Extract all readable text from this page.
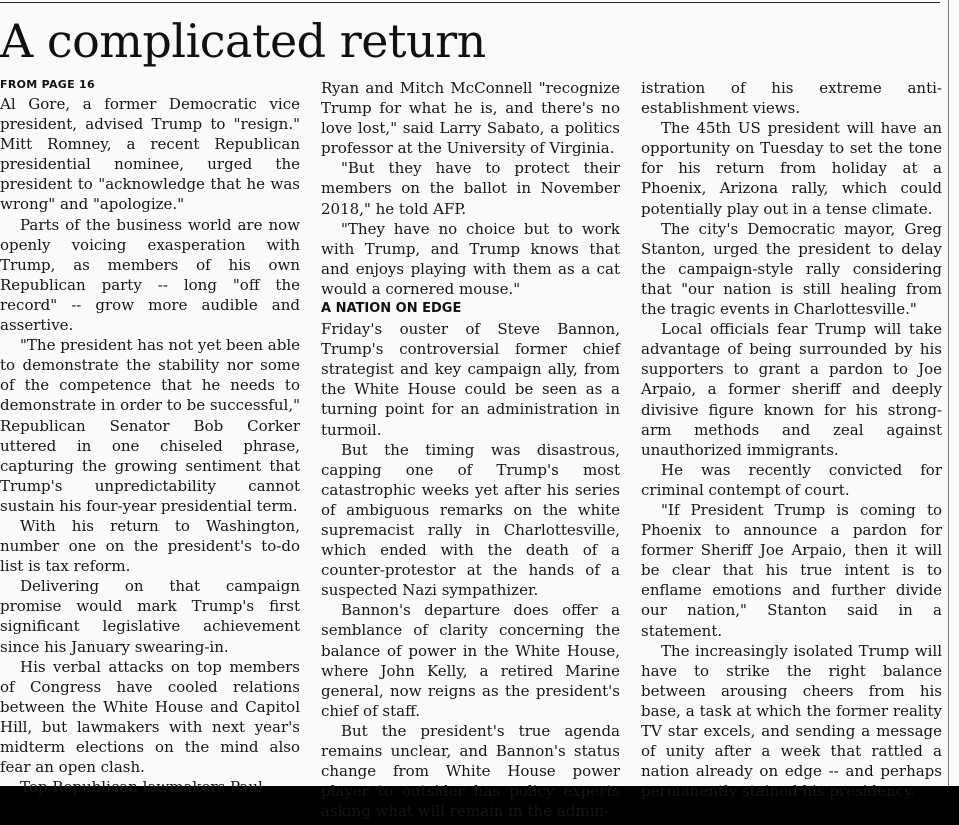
A complicated return
FROM PAGE 16

Al Gore, a former Democratic vice president, advised Trump to "resign." Mitt Romney, a recent Republican presidential nominee, urged the president to "acknowledge that he was wrong" and "apologize."

Parts of the business world are now openly voicing exasperation with Trump, as members of his own Republican party -- long "off the record" -- grow more audible and assertive.

"The president has not yet been able to demonstrate the stability nor some of the competence that he needs to demonstrate in order to be successful," Republican Senator Bob Corker uttered in one chiseled phrase, capturing the growing sentiment that Trump's unpredictability cannot sustain his four-year presidential term.

With his return to Washington, number one on the president's to-do list is tax reform.

Delivering on that campaign promise would mark Trump's first significant legislative achievement since his January swearing-in.

His verbal attacks on top members of Congress have cooled relations between the White House and Capitol Hill, but lawmakers with next year's midterm elections on the mind also fear an open clash.

Top Republican lawmakers Paul

Ryan and Mitch McConnell "recognize Trump for what he is, and there's no love lost," said Larry Sabato, a politics professor at the University of Virginia.

"But they have to protect their members on the ballot in November 2018," he told AFP.

"They have no choice but to work with Trump, and Trump knows that and enjoys playing with them as a cat would a cornered mouse."

A NATION ON EDGE

Friday's ouster of Steve Bannon, Trump's controversial former chief strategist and key campaign ally, from the White House could be seen as a turning point for an administration in turmoil.

But the timing was disastrous, capping one of Trump's most catastrophic weeks yet after his series of ambiguous remarks on the white supremacist rally in Charlottesville, which ended with the death of a counter-protestor at the hands of a suspected Nazi sympathizer.

Bannon's departure does offer a semblance of clarity concerning the balance of power in the White House, where John Kelly, a retired Marine general, now reigns as the president's chief of staff.

But the president's true agenda remains unclear, and Bannon's status change from White House power player to outsider has policy experts asking what will remain in the admin-

istration of his extreme anti-establishment views.

The 45th US president will have an opportunity on Tuesday to set the tone for his return from holiday at a Phoenix, Arizona rally, which could potentially play out in a tense climate.

The city's Democratic mayor, Greg Stanton, urged the president to delay the campaign-style rally considering that "our nation is still healing from the tragic events in Charlottesville."

Local officials fear Trump will take advantage of being surrounded by his supporters to grant a pardon to Joe Arpaio, a former sheriff and deeply divisive figure known for his strong-arm methods and zeal against unauthorized immigrants.

He was recently convicted for criminal contempt of court.

"If President Trump is coming to Phoenix to announce a pardon for former Sheriff Joe Arpaio, then it will be clear that his true intent is to enflame emotions and further divide our nation," Stanton said in a statement.

The increasingly isolated Trump will have to strike the right balance between arousing cheers from his base, a task at which the former reality TV star excels, and sending a message of unity after a week that rattled a nation already on edge -- and perhaps permanently stained his presidency.
